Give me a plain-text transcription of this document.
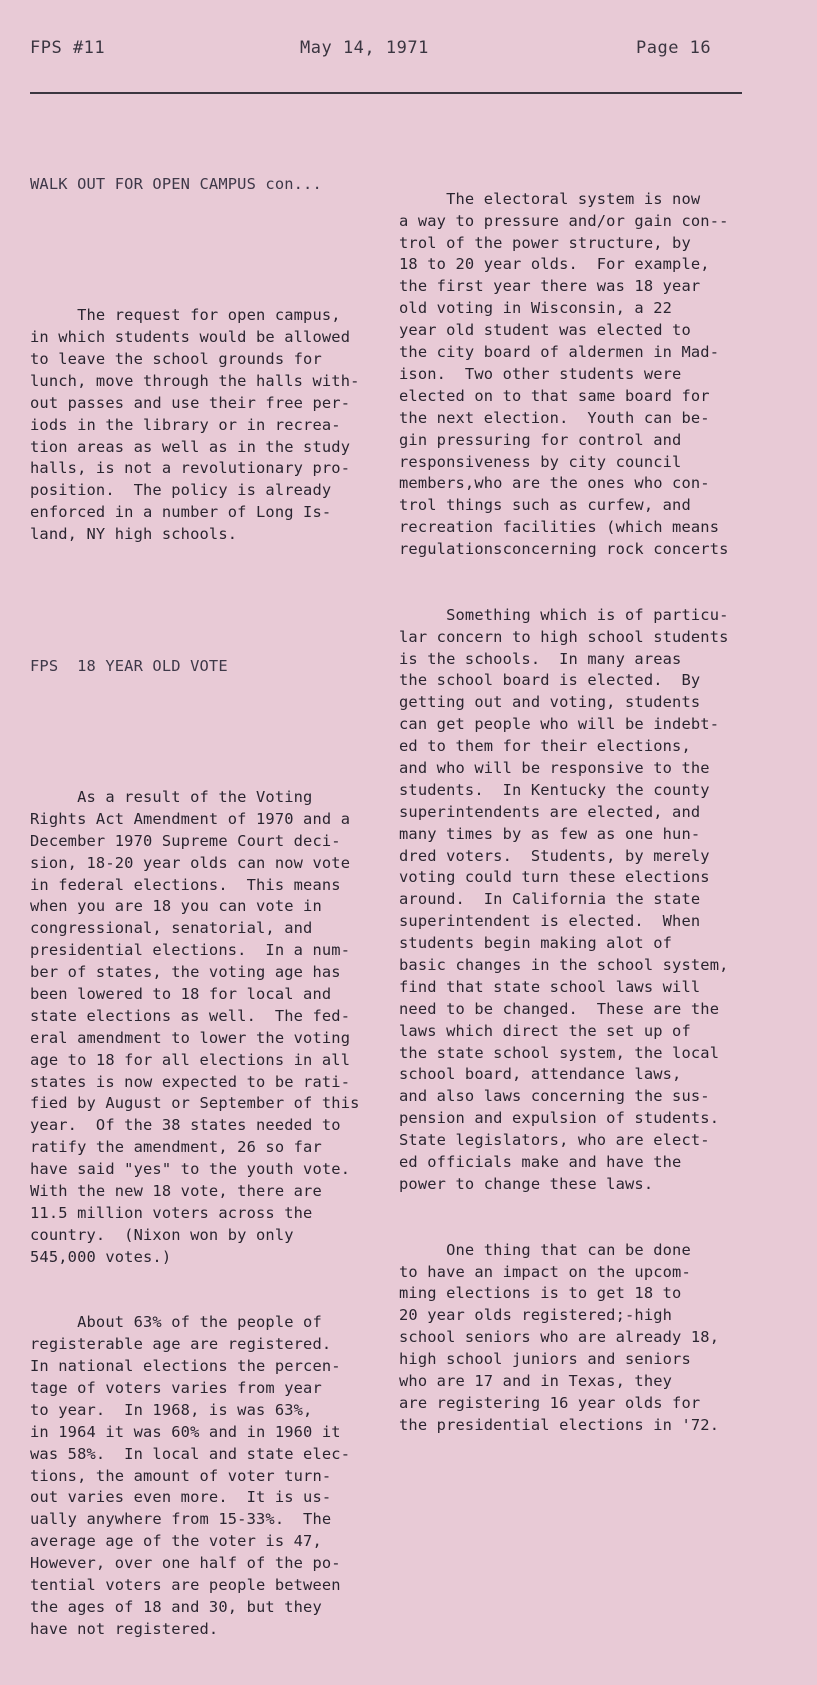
FPS #11	May 14, 1971	Page 16

WALK OUT FOR OPEN CAMPUS con...

The request for open campus,
in which students would be allowed
to leave the school grounds for
lunch, move through the halls with-
out passes and use their free per-
iods in the library or in recrea-
tion areas as well as in the study
halls, is not a revolutionary pro-
position.  The policy is already
enforced in a number of Long Is-
land, NY high schools.

FPS  18 YEAR OLD VOTE

As a result of the Voting
Rights Act Amendment of 1970 and a
December 1970 Supreme Court deci-
sion, 18-20 year olds can now vote
in federal elections.  This means
when you are 18 you can vote in
congressional, senatorial, and
presidential elections.  In a num-
ber of states, the voting age has
been lowered to 18 for local and
state elections as well.  The fed-
eral amendment to lower the voting
age to 18 for all elections in all
states is now expected to be rati-
fied by August or September of this
year.  Of the 38 states needed to
ratify the amendment, 26 so far
have said "yes" to the youth vote.
With the new 18 vote, there are
11.5 million voters across the
country.  (Nixon won by only
545,000 votes.)

About 63% of the people of
registerable age are registered.
In national elections the percen-
tage of voters varies from year
to year.  In 1968, is was 63%,
in 1964 it was 60% and in 1960 it
was 58%.  In local and state elec-
tions, the amount of voter turn-
out varies even more.  It is us-
ually anywhere from 15-33%.  The
average age of the voter is 47,
However, over one half of the po-
tential voters are people between
the ages of 18 and 30, but they
have not registered.

The electoral system is now
a way to pressure and/or gain con--
trol of the power structure, by
18 to 20 year olds.  For example,
the first year there was 18 year
old voting in Wisconsin, a 22
year old student was elected to
the city board of aldermen in Mad-
ison.  Two other students were
elected on to that same board for
the next election.  Youth can be-
gin pressuring for control and
responsiveness by city council
members,who are the ones who con-
trol things such as curfew, and
recreation facilities (which means
regulationsconcerning rock concerts

Something which is of particu-
lar concern to high school students
is the schools.  In many areas
the school board is elected.  By
getting out and voting, students
can get people who will be indebt-
ed to them for their elections,
and who will be responsive to the
students.  In Kentucky the county
superintendents are elected, and
many times by as few as one hun-
dred voters.  Students, by merely
voting could turn these elections
around.  In California the state
superintendent is elected.  When
students begin making alot of
basic changes in the school system,
find that state school laws will
need to be changed.  These are the
laws which direct the set up of
the state school system, the local
school board, attendance laws,
and also laws concerning the sus-
pension and expulsion of students.
State legislators, who are elect-
ed officials make and have the
power to change these laws.

One thing that can be done
to have an impact on the upcom-
ming elections is to get 18 to
20 year olds registered;-high
school seniors who are already 18,
high school juniors and seniors
who are 17 and in Texas, they
are registering 16 year olds for
the presidential elections in '72.
